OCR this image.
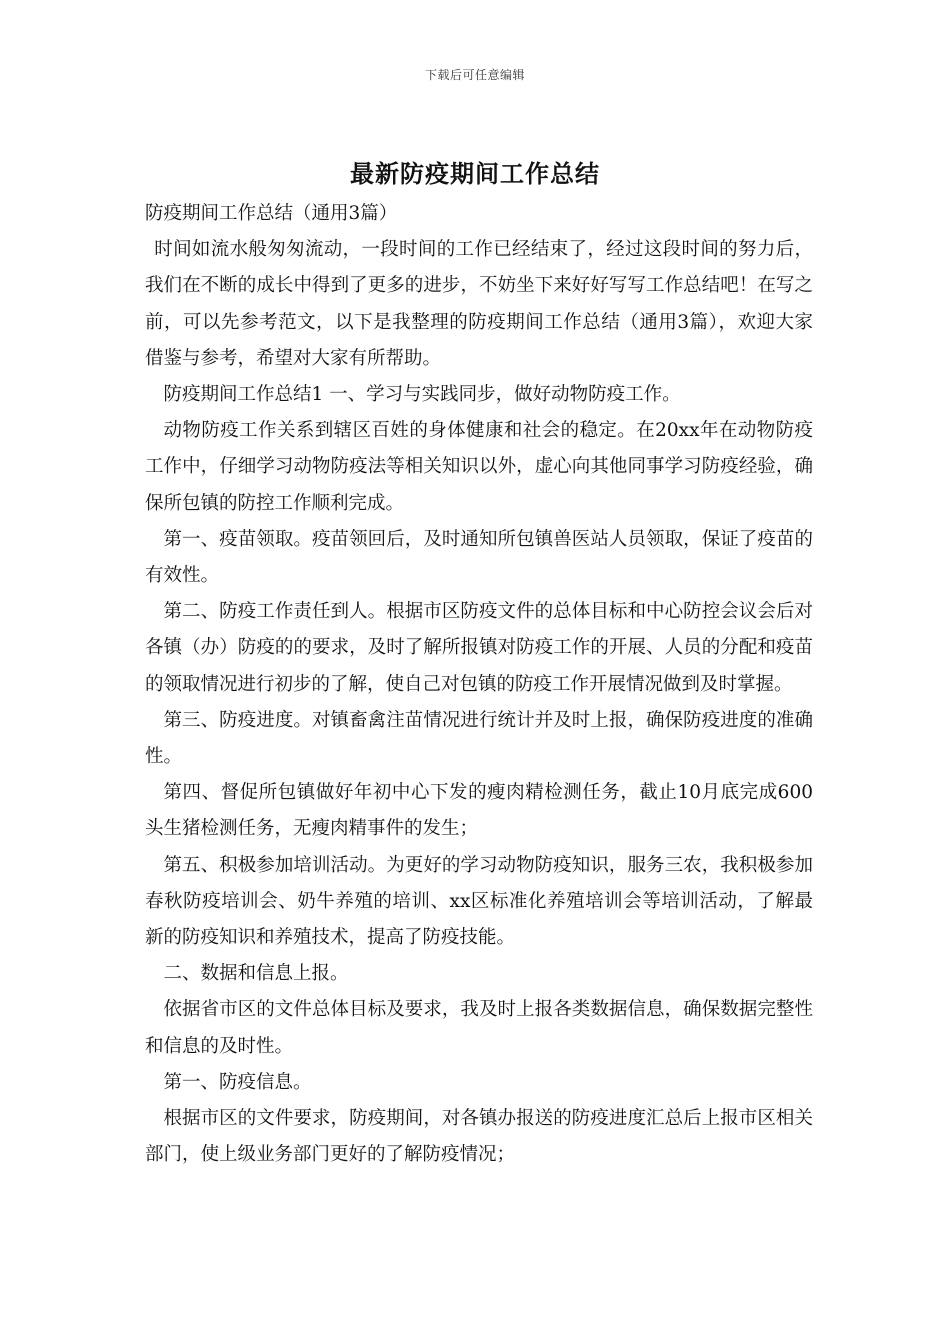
下载后可任意编辑
最新防疫期间工作总结

防疫期间工作总结（通用3篇）

时间如流水般匆匆流动，一段时间的工作已经结束了，经过这段时间的努力后，我们在不断的成长中得到了更多的进步，不妨坐下来好好写写工作总结吧！在写之前，可以先参考范文，以下是我整理的防疫期间工作总结（通用3篇），欢迎大家借鉴与参考，希望对大家有所帮助。

防疫期间工作总结1 一、学习与实践同步，做好动物防疫工作。

动物防疫工作关系到辖区百姓的身体健康和社会的稳定。在20xx年在动物防疫工作中，仔细学习动物防疫法等相关知识以外，虚心向其他同事学习防疫经验，确保所包镇的防控工作顺利完成。

第一、疫苗领取。疫苗领回后，及时通知所包镇兽医站人员领取，保证了疫苗的有效性。

第二、防疫工作责任到人。根据市区防疫文件的总体目标和中心防控会议会后对各镇（办）防疫的的要求，及时了解所报镇对防疫工作的开展、人员的分配和疫苗的领取情况进行初步的了解，使自己对包镇的防疫工作开展情况做到及时掌握。

第三、防疫进度。对镇畜禽注苗情况进行统计并及时上报，确保防疫进度的准确性。

第四、督促所包镇做好年初中心下发的瘦肉精检测任务，截止10月底完成600头生猪检测任务，无瘦肉精事件的发生；

第五、积极参加培训活动。为更好的学习动物防疫知识，服务三农，我积极参加春秋防疫培训会、奶牛养殖的培训、xx区标准化养殖培训会等培训活动，了解最新的防疫知识和养殖技术，提高了防疫技能。

二、数据和信息上报。

依据省市区的文件总体目标及要求，我及时上报各类数据信息，确保数据完整性和信息的及时性。

第一、防疫信息。

根据市区的文件要求，防疫期间，对各镇办报送的防疫进度汇总后上报市区相关部门，使上级业务部门更好的了解防疫情况；
